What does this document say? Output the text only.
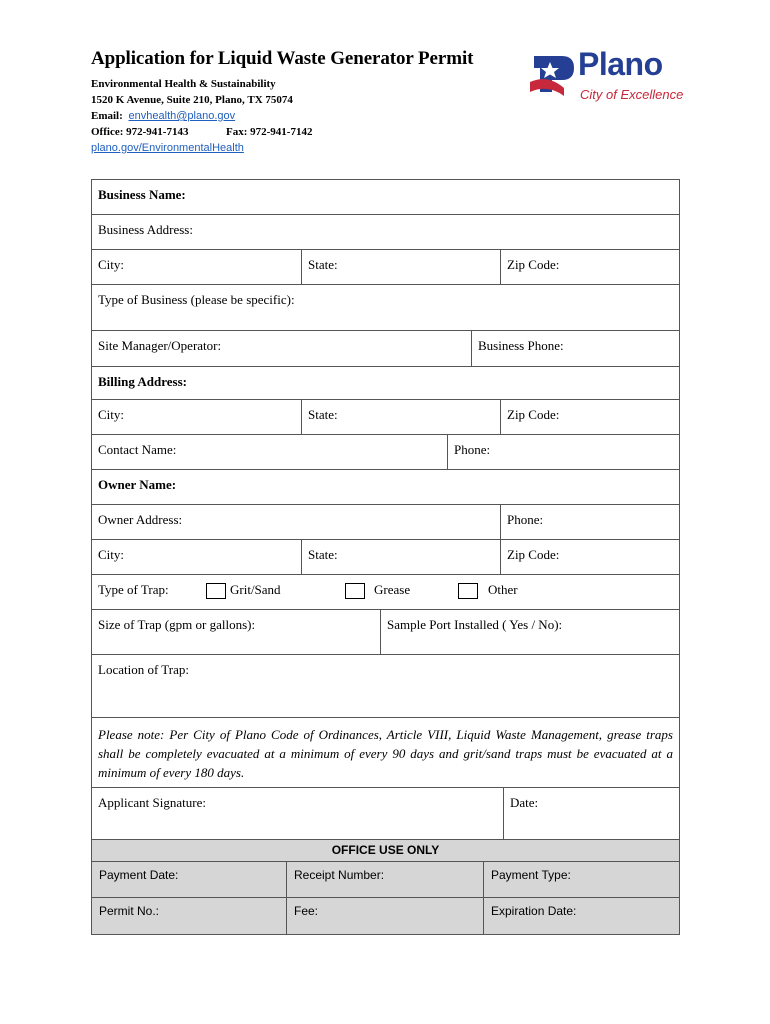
Application for Liquid Waste Generator Permit
Environmental Health & Sustainability
1520 K Avenue, Suite 210, Plano, TX 75074
Email: envhealth@plano.gov
Office: 972-941-7143	Fax: 972-941-7142
plano.gov/EnvironmentalHealth
Plano
City of Excellence
Business Name:
Business Address:
City:	State:	Zip Code:
Type of Business (please be specific):
Site Manager/Operator:	Business Phone:
Billing Address:
City:	State:	Zip Code:
Contact Name:	Phone:
Owner Name:
Owner Address:	Phone:
City:	State:	Zip Code:
Type of Trap:	Grit/Sand	Grease	Other
Size of Trap (gpm or gallons):	Sample Port Installed ( Yes / No):
Location of Trap:
Please note: Per City of Plano Code of Ordinances, Article VIII, Liquid Waste Management, grease traps shall be completely evacuated at a minimum of every 90 days and grit/sand traps must be evacuated at a minimum of every 180 days.
Applicant Signature:	Date:
OFFICE USE ONLY
Payment Date:	Receipt Number:	Payment Type:
Permit No.:	Fee:	Expiration Date:
